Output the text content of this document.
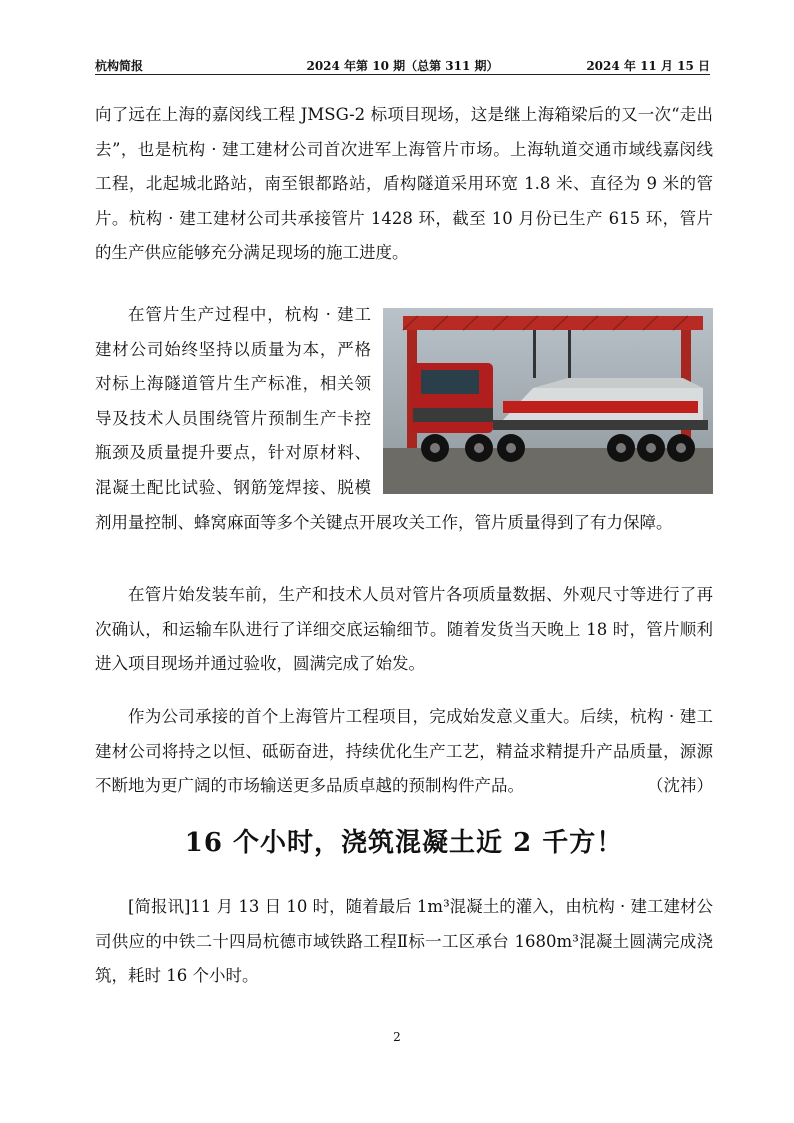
杭构简报	2024 年第 10 期（总第 311 期）	2024 年 11 月 15 日

向了远在上海的嘉闵线工程 JMSG-2 标项目现场，这是继上海箱梁后的又一次“走出去”，也是杭构 · 建工建材公司首次进军上海管片市场。上海轨道交通市域线嘉闵线工程，北起城北路站，南至银都路站，盾构隧道采用环宽 1.8 米、直径为 9 米的管片。杭构 · 建工建材公司共承接管片 1428 环，截至 10 月份已生产 615 环，管片的生产供应能够充分满足现场的施工进度。

在管片生产过程中，杭构 · 建工建材公司始终坚持以质量为本，严格对标上海隧道管片生产标准，相关领导及技术人员围绕管片预制生产卡控瓶颈及质量提升要点，针对原材料、混凝土配比试验、钢筋笼焊接、脱模剂用量控制、蜂窝麻面等多个关键点开展攻关工作，管片质量得到了有力保障。

在管片始发装车前，生产和技术人员对管片各项质量数据、外观尺寸等进行了再次确认，和运输车队进行了详细交底运输细节。随着发货当天晚上 18 时，管片顺利进入项目现场并通过验收，圆满完成了始发。

作为公司承接的首个上海管片工程项目，完成始发意义重大。后续，杭构 · 建工建材公司将持之以恒、砥砺奋进，持续优化生产工艺，精益求精提升产品质量，源源不断地为更广阔的市场输送更多品质卓越的预制构件产品。	（沈祎）

16 个小时，浇筑混凝土近 2 千方！

[简报讯]11 月 13 日 10 时，随着最后 1m³混凝土的灌入，由杭构 · 建工建材公司供应的中铁二十四局杭德市域铁路工程Ⅱ标一工区承台 1680m³混凝土圆满完成浇筑，耗时 16 个小时。

2
